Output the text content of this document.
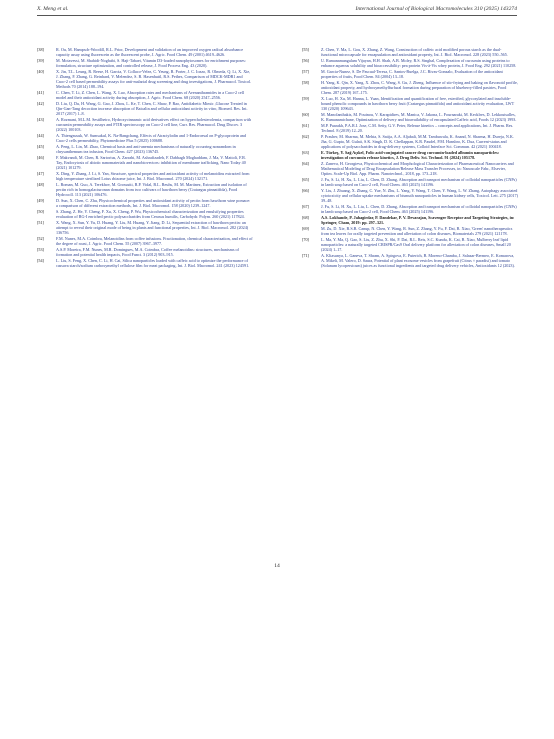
X. Meng et al.	International Journal of Biological Macromolecules 310 (2025) 143274
[38]	R. Ou, M. Hampsch-Woodill, R.L. Prior, Development and validation of an improved oxygen radical absorbance capacity assay using fluorescein as the fluorescent probe, J. Agric. Food Chem. 49 (2001) 4619–4626.
[39]	M. Motavessi, M. Shahidi-Noghabi, S. Haji-Tabaei, Vitamin D3-loaded nanophytosomes for enrichment purposes: formulation, structure optimization, and controlled release, J. Food Process Eng. 43 (2020).
[40]	X. Jin, T.L. Leung, R. Reese, H. Garcia, V. Collaco-Velez, C. Yeung, R. Porter, J. C. Iozzo, R. Olmeda, Q. Li, X. Xie, J. Zhang, F. Zhang, G. Reinhard, V. Melendez, S. B. Hasenhuttl, R.S. Pethes, Comparison of MDCK-MDR1 and Caco-2 cell based permeability assays for anti-malarial drug screening and drug investigations, J. Pharmacol. Toxicol. Methods 70 (2014) 188–194.
[41]	C. Chen, T. Li, Z. Chen, L. Wang, X. Luo, Absorption rates and mechanisms of Avenanthramides in a Caco-2 cell model and their antioxidant activity during absorption, J. Agric. Food Chem. 68 (2020) 2547–2556.
[42]	D. Liu, Q. Du, H. Wang, G. Gao, J. Zhou, L. Ke, T. Chen, C. Shaw, P. Rao, Antidiabetic Mimic ,Glucose Treated in Qin-Gan-Tang decoction increase absorption of Baicalin and cellular antioxidant activity in vitro, Biomed. Res. Int. 2017 (2017) 1–8.
[43]	A. Rozmani, M.L.M. Sestilheiro, Hydroxycinnamic acid derivatives effect on hypercholesterolemia, comparison with curcumin permeability assays and FTIR spectroscopy on Caco-2 cell line, Curr. Res. Pharmacol. Drug Discov. 3 (2022) 100103.
[44]	A. Thiengsusuk, W. Sumsakul, K. Na-Bangchang, Effects of Atractylodin and 1-Endoroesal on P-glycoprotein and Caco-2 cells permeability, Phytomedicine Plus 5 (2025) 100688.
[45]	A. Peng, L. Lin, M. Zhao, Chemical basis and anti-anemia mechanisms of naturally occurring nonrandom in chrysanthemum tea infusion, Food Chem. 427 (2023) 136745.
[46]	F. Makvandi, M. Chen, R. Sartorius, A. Zarrabi, M. Ashrafizadeh, F. Dabbagh Moghaddam, J. Ma, V. Mattoli, F.R. Tay, Endocytosis of abiotic nanomaterials and nanobiovectors: inhibition of membrane trafficking, Nano Today 40 (2021) 101279.
[47]	X. Ding, Y. Zhang, J. Li, S. Yan, Structure, spectral properties and antioxidant activity of melanoidins extracted from high temperature sterilized Lotus rhizome juice, Int. J. Biol. Macromol. 270 (2024) 132171.
[48]	L. Roman, M. Guo, A. Terekhov, M. Grossutti, R.P. Vidal, B.L. Reuhs, M. M. Martinez, Extraction and isolation of pectin rich in homogalacturonan domains from two cultivars of hawthorn berry (Crataegus pinnatifida), Food Hydrocoll. 113 (2021) 106476.
[49]	D. Sun, X. Chen, C. Zhu, Physicochemical properties and antioxidant activity of pectin from hawthorn wine pomace: a comparison of different extraction methods, Int. J. Biol. Macromol. 158 (2020) 1239–1247.
[50]	S. Zhang, Z. He, Y. Cheng, F. Xu, X. Cheng, P. Wu, Physicochemical characterization and emulsifying properties evaluation of RG-I enriched pectic polysaccharides from Cerasus humilis, Carbohydr. Polym. 260 (2021) 117824.
[51]	X. Wang, X. Sun, Y. Yu, D. Huang, Y. Liu, M. Huang, Y. Jiang, D. Li, Sequential extraction of hawthorn pectin: an attempt to reveal their original mode of being in plants and functional properties, Int. J. Biol. Macromol. 282 (2024) 136756.
[52]	F.M. Nunes, M.A. Coimbra, Melanoidins from coffee infusions. Fractionation, chemical characterization, and effect of the degree of roast, J. Agric. Food Chem. 55 (2007) 3967–3977.
[53]	A.S.P. Moreira, F.M. Nunes, M.R. Domingues, M.A. Coimbra, Coffee melanoidins: structures, mechanisms of formation and potential health impacts, Food Funct. 3 (2012) 903–915.
[54]	L. Liu, S. Feng, X. Chen, C. Li, H. Cai, Silica nanoparticles loaded with caffeic acid to optimize the performance of cassava starch/sodium carboxymethyl cellulose film for meat packaging, Int. J. Biol. Macromol. 241 (2023) 124591.
[55]	Z. Chen, Y. Ma, L. Gou, X. Zhang, Z. Wang, Construction of caffeic acid modified porous starch as the dual-functional microcapsule for encapsulation and antioxidant property, Int. J. Biol. Macromol. 228 (2023) 550–565.
[56]	U. Ramanamangalam Vijayan, H.H. Shah, A.B. Moley, R.S. Singhal, Complexation of curcumin using proteins to enhance aqueous solubility and bioaccessibility: pea protein Vis-à-Vis whey protein, J. Food Eng. 292 (2021) 110258.
[57]	M. Garcia-Nunez, S. De Pascual-Teresa, C. Santos-Buelga, J.C. Rivas-Gonzalo, Evaluation of the antioxidant properties of fruits, Food Chem. 84 (2004) 13–18.
[58]	H. Yang, K. Qin, X. Yang, X. Zhou, C. Wang, S. Gu, J. Zheng, Influence of stir-frying and baking on flavonoid profile, antioxidant property, and hydroxymethylfurfural formation during preparation of blueberry-filled pastries, Food Chem. 287 (2019) 167–175.
[59]	X. Luo, H. Xu, M. Hanna, L. Yuan, Identification and quantification of free, esterified, glycosylated and insoluble-bound phenolic compounds in hawthorn berry fruit (Crataegus pinnatifida) and antioxidant activity evaluation, LWT 130 (2020) 109643.
[60]	M. Manolanthakis, M. Pouinou, V. Karapidires, M. Manica, V. Jakona, L. Fournaraki, M. Kecklres, D. Lekkoutsalles, K. Ramanamichane, Optimization of delivery and bioavailability of encapsulated Caffeic acid, Foods 12 (2023) 1993.
[61]	M.P. Paarakh, P.A.R.I. Jose, C.M. Setty, G.V. Peter, Release kinetics – concepts and applications, Int. J. Pharm. Res. Technol. 8 (2019) 12–20.
[62]	P. Prasher, M. Sharma, M. Mehta, S. Satija, A.A. Aljabali, M.M. Tambuwala, K. Anand, N. Sharma, H. Dureja, N.K. Jha, G. Gupta, M. Gulati, S.K. Singh, D. K. Chellappan, K.R. Paudel, P.M. Hansbro, K. Dua, Current-status and applications of polysaccharides in drug-delivery systems, Colloid Interface Sci. Commun. 42 (2021) 100418.
[63]	E. Türkeş, Y. Sağ Açıkel, Folic acid-conjugated cancer drug curcumin-loaded albumin nanoparticles: investigation of curcumin release kinetics, J. Drug Deliv. Sci. Technol. 91 (2024) 105178.
[64]	Z. Zaneva, H. Georgieva, Physicochemical and Morphological Characterization of Pharmaceutical Nanocarriers and Mathematical Modeling of Drug Encapsulation/Release Mass Transfer Processes, in: Nanoscale Fabr., Elsevier, Optim. Scale-Up Biol. App. Pharm. Nanotechnol., 2018, pp. 173–218.
[65]	J. Fu, S. Li, H. Xu, L. Liu, L. Chen, D. Zhang, Absorption and transport mechanism of colloidal nanoparticles (CNPs) in lamb soup based on Caco-2 cell, Food Chem. 463 (2025) 141196.
[66]	Y. Liu, J. Zhuang, X. Zhang, C. Yue, N. Zhu, L. Yang, Y. Wang, T. Chen, Y. Wang, L. W. Zhang, Autophagy associated cytotoxicity and cellular uptake mechanisms of bismuth nanoparticles in human kidney cells, Toxicol. Lett. 275 (2017) 39–48.
[67]	J. Fu, S. Li, H. Xu, L. Liu, L. Chen, D. Zhang, Absorption and transport mechanism of colloidal nanoparticles (CNPs) in lamb soup based on Caco-2 cell, Food Chem. 463 (2025) 141196.
[68]	A.S. Lokhande, P. Jahagirdar, P. Dandekar, P. V. Devarajan, Scavenger Receptor and Targeting Strategies, in: Springer, Cham, 2019: pp. 297–321.
[69]	M. Zu, D. Xie, B.S.B. Canup, N. Chen, Y. Wang, R. Sun, Z. Zhang, Y. Fu, F. Dai, B. Xiao, 'Green' nanotherapeutics from tea leaves for orally targeted prevention and alleviation of colon diseases, Biomaterials 279 (2021) 121178.
[70]	L. Ma, Y. Ma, Q. Gao, S. Liu, Z. Zhu, X. Shi, F. Dai, R.L. Reis, S.C. Kundu, K. Cai, B. Xiao, Mulberry leaf lipid nanoparticles: a naturally targeted CRISPR/Cas9 Oral delivery platform for alleviation of colon diseases, Small 20 (2024) 1–17.
[71]	A. Kliasunya, L. Ganeva, T. Shram, A. Spirgova, E. Puterich, B. Moreno-Chamba, J. Salazar-Bermeo, E. Komarova, A. Mikeli, M. Valero, D. Saura, Potential of plant exosome vesicles from grapefruit (Citrus × paradisi) and tomato (Solanum lycopersicum) juices as functional ingredients and targeted drug delivery vehicles, Antioxidants 12 (2023).
14
